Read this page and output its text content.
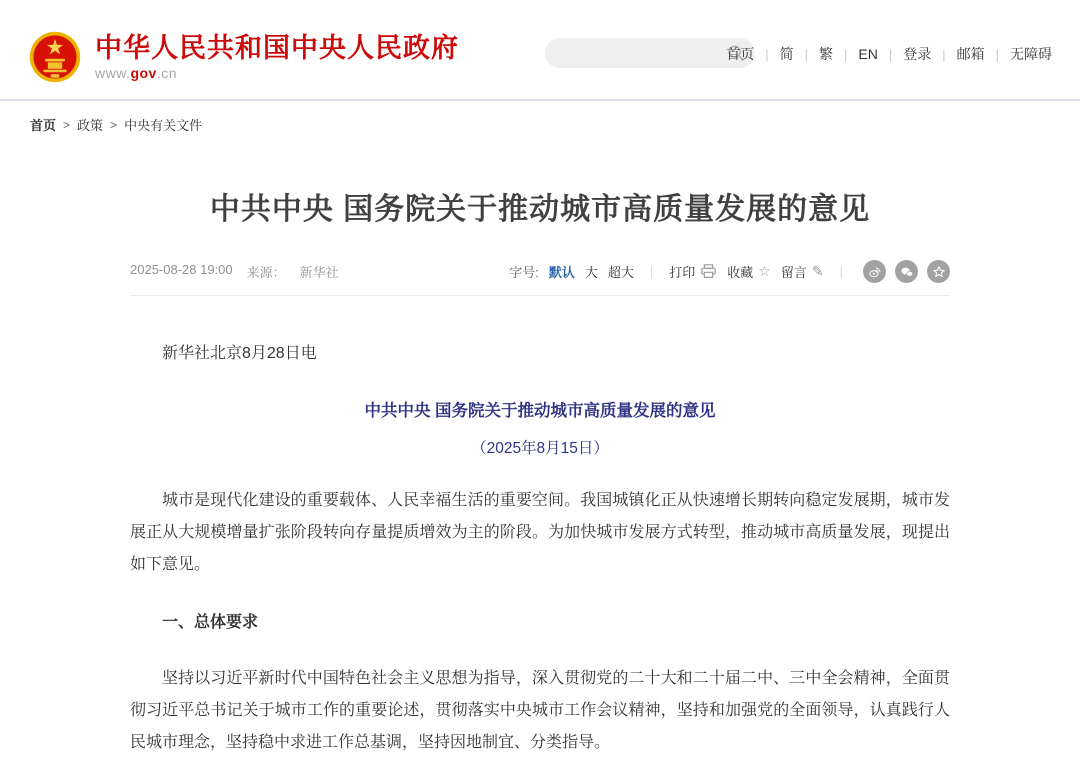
中华人民共和国中央人民政府
www.gov.cn
首页 | 简 | 繁 | EN | 登录 | 邮箱 | 无障碍
首页 > 政策 > 中央有关文件
中共中央 国务院关于推动城市高质量发展的意见
2025-08-28 19:00 来源： 新华社	字号: 默认 大 超大	|	打印 收藏 ☆ 留言 ✎	|

新华社北京8月28日电

中共中央 国务院关于推动城市高质量发展的意见

（2025年8月15日）

城市是现代化建设的重要载体、人民幸福生活的重要空间。我国城镇化正从快速增长期转向稳定发展期，城市发展正从大规模增量扩张阶段转向存量提质增效为主的阶段。为加快城市发展方式转型，推动城市高质量发展，现提出如下意见。

一、总体要求

坚持以习近平新时代中国特色社会主义思想为指导，深入贯彻党的二十大和二十届二中、三中全会精神，全面贯彻习近平总书记关于城市工作的重要论述，贯彻落实中央城市工作会议精神，坚持和加强党的全面领导，认真践行人民城市理念，坚持稳中求进工作总基调，坚持因地制宜、分类指导。
